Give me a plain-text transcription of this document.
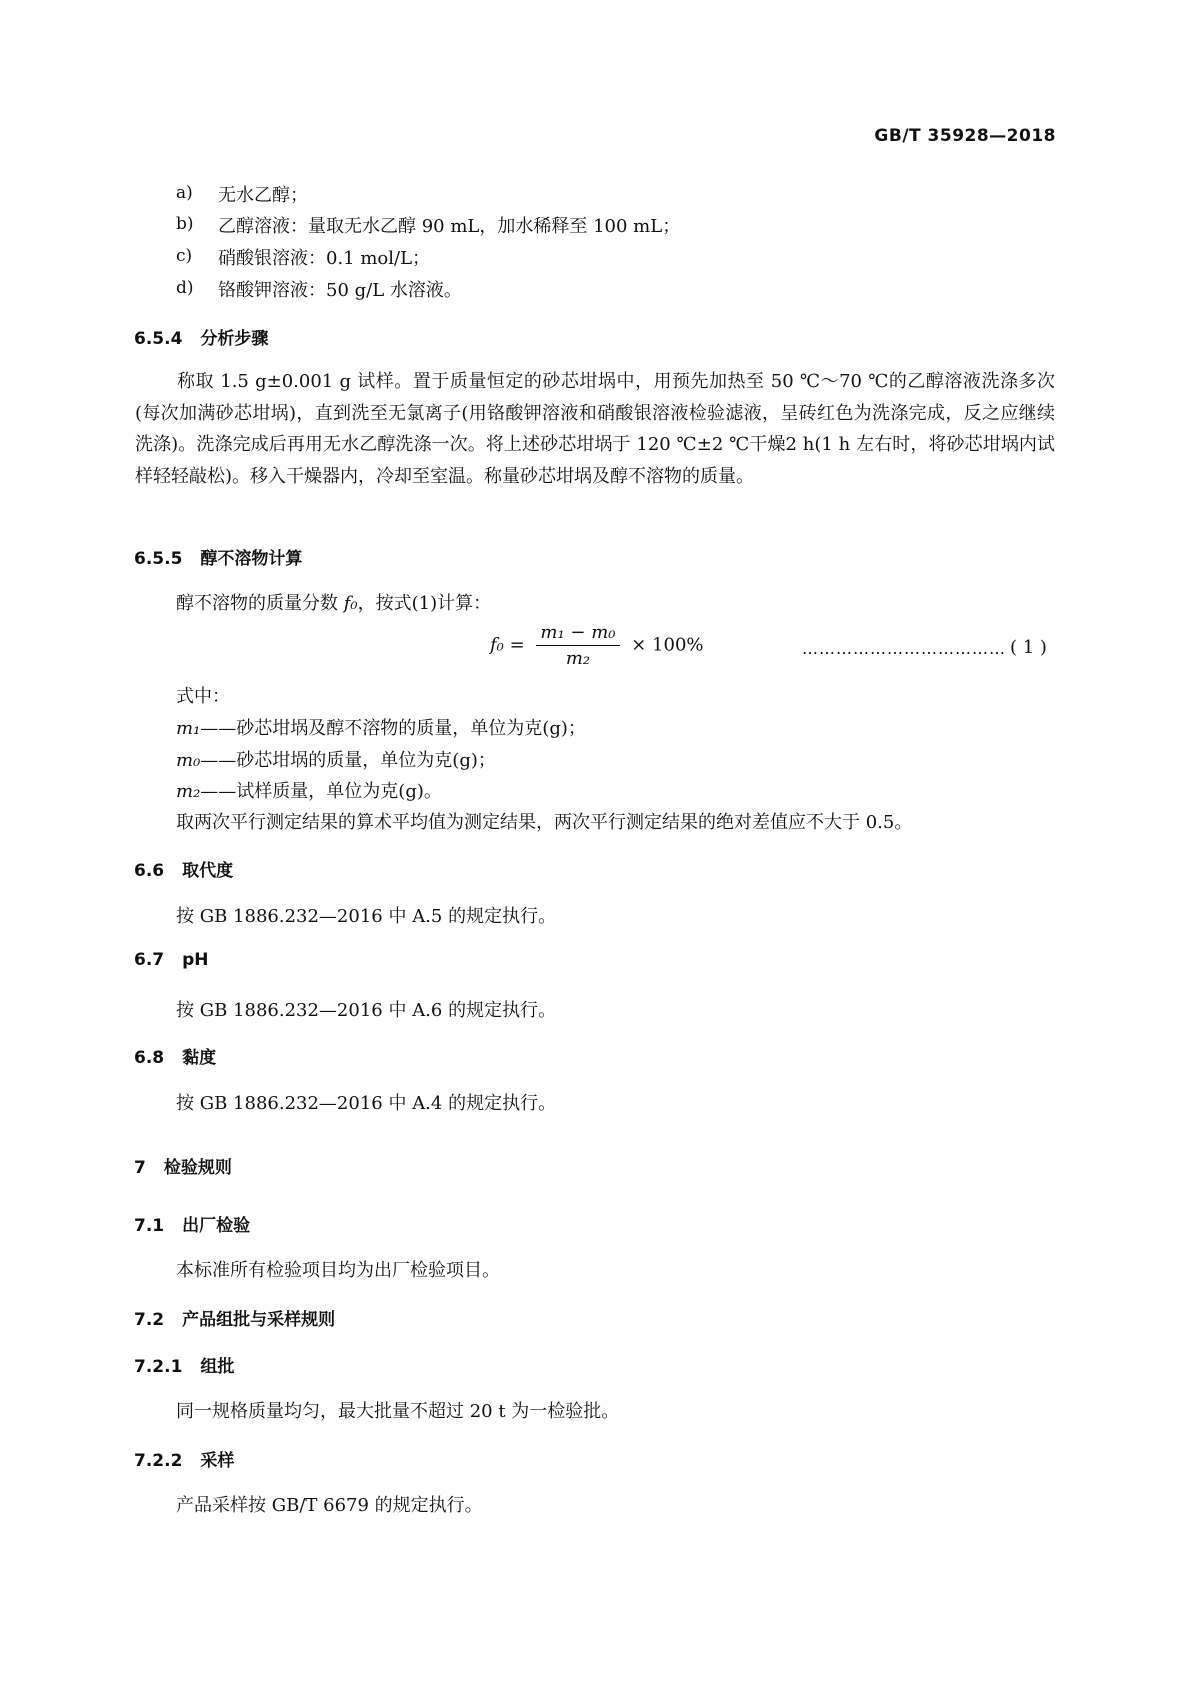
GB/T 35928—2018
a) 无水乙醇；
b) 乙醇溶液：量取无水乙醇 90 mL，加水稀释至 100 mL；
c) 硝酸银溶液：0.1 mol/L；
d) 铬酸钾溶液：50 g/L 水溶液。
6.5.4 分析步骤
称取 1.5 g±0.001 g 试样。置于质量恒定的砂芯坩埚中，用预先加热至 50 ℃～70 ℃的乙醇溶液洗涤多次(每次加满砂芯坩埚)，直到洗至无氯离子(用铬酸钾溶液和硝酸银溶液检验滤液，呈砖红色为洗涤完成，反之应继续洗涤)。洗涤完成后再用无水乙醇洗涤一次。将上述砂芯坩埚于 120 ℃±2 ℃干燥2 h(1 h 左右时，将砂芯坩埚内试样轻轻敲松)。移入干燥器内，冷却至室温。称量砂芯坩埚及醇不溶物的质量。
6.5.5 醇不溶物计算
醇不溶物的质量分数 f₀，按式(1)计算：
$f_0 = \frac{\text{m₁ − m₀}}{\text{m₂}} \times 100\%$	……………………………… ( 1 )
式中：
m₁——砂芯坩埚及醇不溶物的质量，单位为克(g)；
m₀——砂芯坩埚的质量，单位为克(g)；
m₂——试样质量，单位为克(g)。
取两次平行测定结果的算术平均值为测定结果，两次平行测定结果的绝对差值应不大于 0.5。
6.6 取代度
按 GB 1886.232—2016 中 A.5 的规定执行。
6.7 pH
按 GB 1886.232—2016 中 A.6 的规定执行。
6.8 黏度
按 GB 1886.232—2016 中 A.4 的规定执行。
7 检验规则
7.1 出厂检验
本标准所有检验项目均为出厂检验项目。
7.2 产品组批与采样规则
7.2.1 组批
同一规格质量均匀，最大批量不超过 20 t 为一检验批。
7.2.2 采样
产品采样按 GB/T 6679 的规定执行。
